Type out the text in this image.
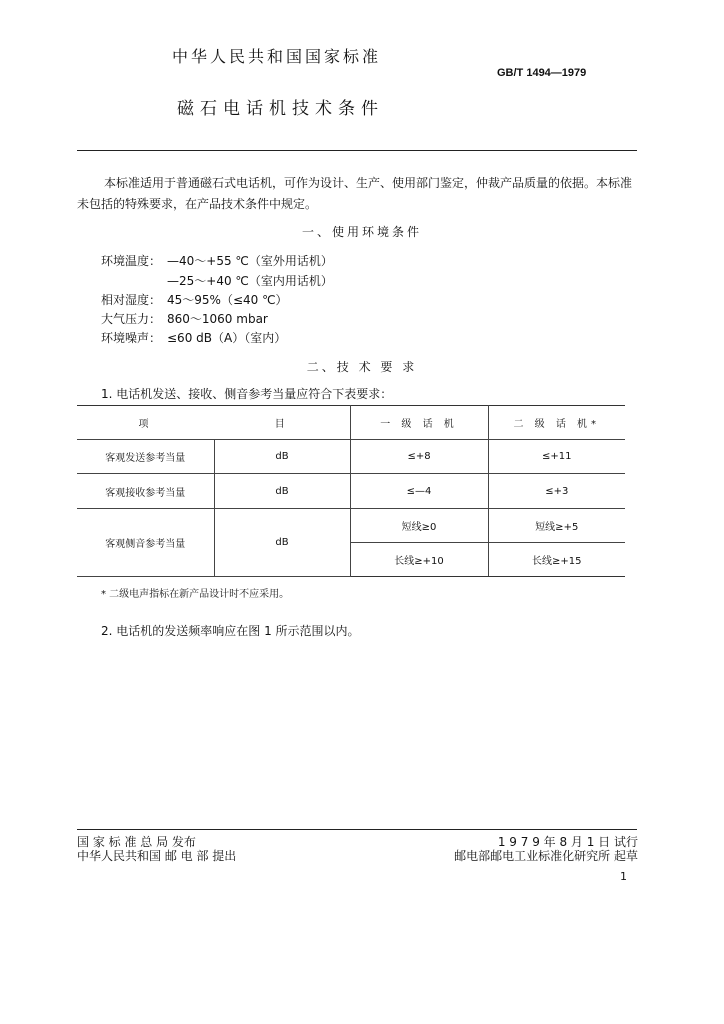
中华人民共和国国家标准
GB/T 1494—1979
磁石电话机技术条件
本标准适用于普通磁石式电话机，可作为设计、生产、使用部门鉴定，仲裁产品质量的依据。本标准未包括的特殊要求，在产品技术条件中规定。
一、使用环境条件
环境温度： —40～+55 ℃（室外用话机）
—25～+40 ℃（室内用话机）
相对湿度： 45～95%（≤40 ℃）
大气压力： 860～1060 mbar
环境噪声： ≤60 dB（A）（室内）
二、技 术 要 求
1. 电话机发送、接收、侧音参考当量应符合下表要求：
项	目	一 级 话 机	二 级 话 机*
客观发送参考当量	dB	≤+8	≤+11
客观接收参考当量	dB	≤—4	≤+3
客观侧音参考当量	dB	短线≥0	短线≥+5
		长线≥+10	长线≥+15
* 二级电声指标在新产品设计时不应采用。
2. 电话机的发送频率响应在图 1 所示范围以内。
国 家 标 准 总 局 发布
中华人民共和国 邮 电 部 提出
1 9 7 9 年 8 月 1 日 试行
邮电部邮电工业标准化研究所 起草
1
